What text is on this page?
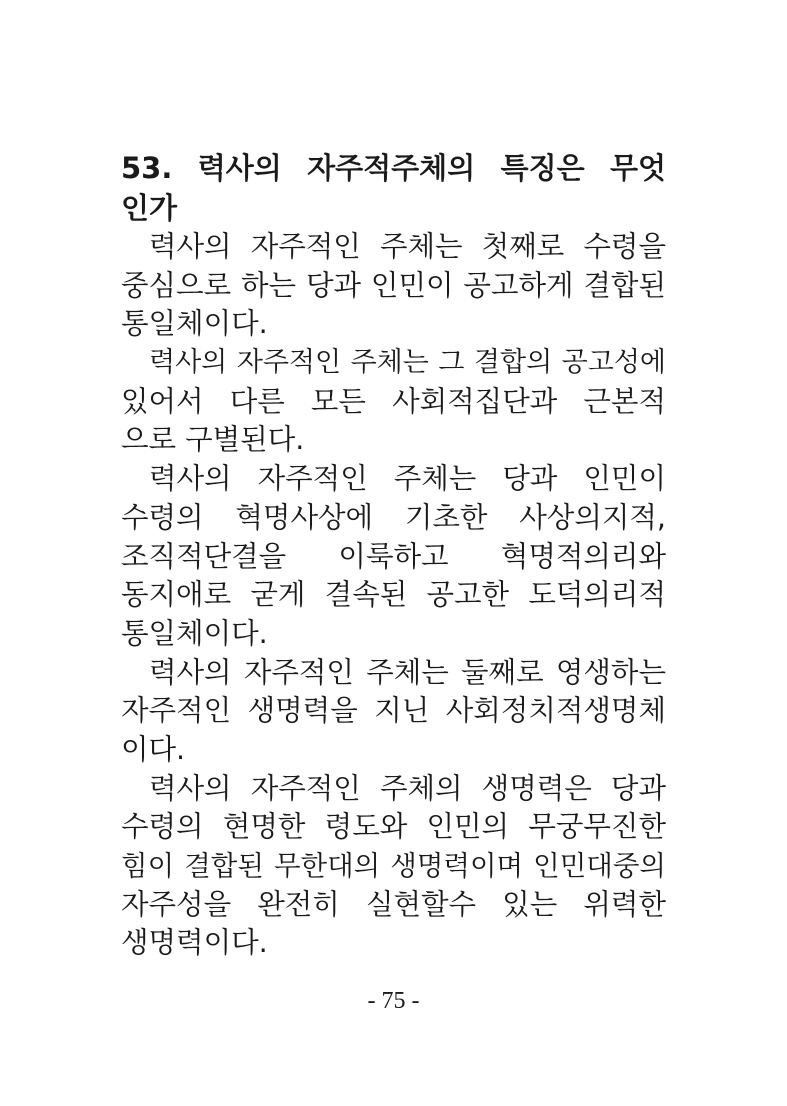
53. 력사의 자주적주체의 특징은 무엇
인가

력사의 자주적인 주체는 첫째로 수령을

중심으로 하는 당과 인민이 공고하게 결합된

통일체이다.

력사의 자주적인 주체는 그 결합의 공고성에

있어서 다른 모든 사회적집단과 근본적

으로 구별된다.

력사의 자주적인 주체는 당과 인민이

수령의 혁명사상에 기초한 사상의지적,

조직적단결을 이룩하고 혁명적의리와

동지애로 굳게 결속된 공고한 도덕의리적

통일체이다.

력사의 자주적인 주체는 둘째로 영생하는

자주적인 생명력을 지닌 사회정치적생명체

이다.

력사의 자주적인 주체의 생명력은 당과

수령의 현명한 령도와 인민의 무궁무진한

힘이 결합된 무한대의 생명력이며 인민대중의

자주성을 완전히 실현할수 있는 위력한

생명력이다.

- 75 -
